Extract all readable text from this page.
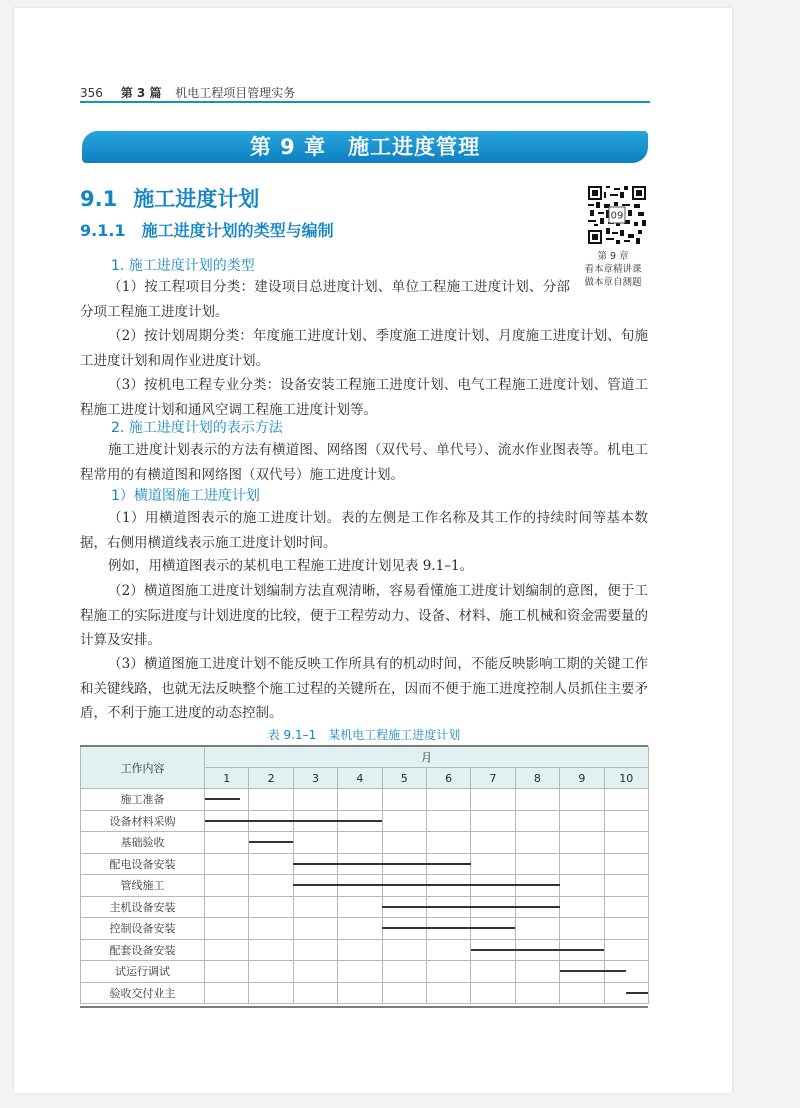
356 第 3 篇 机电工程项目管理实务
第 9 章 施工进度管理
9.1 施工进度计划
9.1.1 施工进度计划的类型与编制
09
第 9 章
看本章精讲课
做本章自测题
1. 施工进度计划的类型
（1）按工程项目分类：建设项目总进度计划、单位工程施工进度计划、分部分项工程施工进度计划。
（2）按计划周期分类：年度施工进度计划、季度施工进度计划、月度施工进度计划、旬施工进度计划和周作业进度计划。
（3）按机电工程专业分类：设备安装工程施工进度计划、电气工程施工进度计划、管道工程施工进度计划和通风空调工程施工进度计划等。
2. 施工进度计划的表示方法
施工进度计划表示的方法有横道图、网络图（双代号、单代号）、流水作业图表等。机电工程常用的有横道图和网络图（双代号）施工进度计划。
1）横道图施工进度计划
（1）用横道图表示的施工进度计划。表的左侧是工作名称及其工作的持续时间等基本数据，右侧用横道线表示施工进度计划时间。
例如，用横道图表示的某机电工程施工进度计划见表 9.1–1。
（2）横道图施工进度计划编制方法直观清晰，容易看懂施工进度计划编制的意图，便于工程施工的实际进度与计划进度的比较，便于工程劳动力、设备、材料、施工机械和资金需要量的计算及安排。
（3）横道图施工进度计划不能反映工作所具有的机动时间，不能反映影响工期的关键工作和关键线路，也就无法反映整个施工过程的关键所在，因而不便于施工进度控制人员抓住主要矛盾，不利于施工进度的动态控制。
表 9.1–1　某机电工程施工进度计划
工作内容	月									
	1	2	3	4	5	6	7	8	9	10
施工准备										
设备材料采购										
基础验收										
配电设备安装										
管线施工										
主机设备安装										
控制设备安装										
配套设备安装										
试运行调试										
验收交付业主										
